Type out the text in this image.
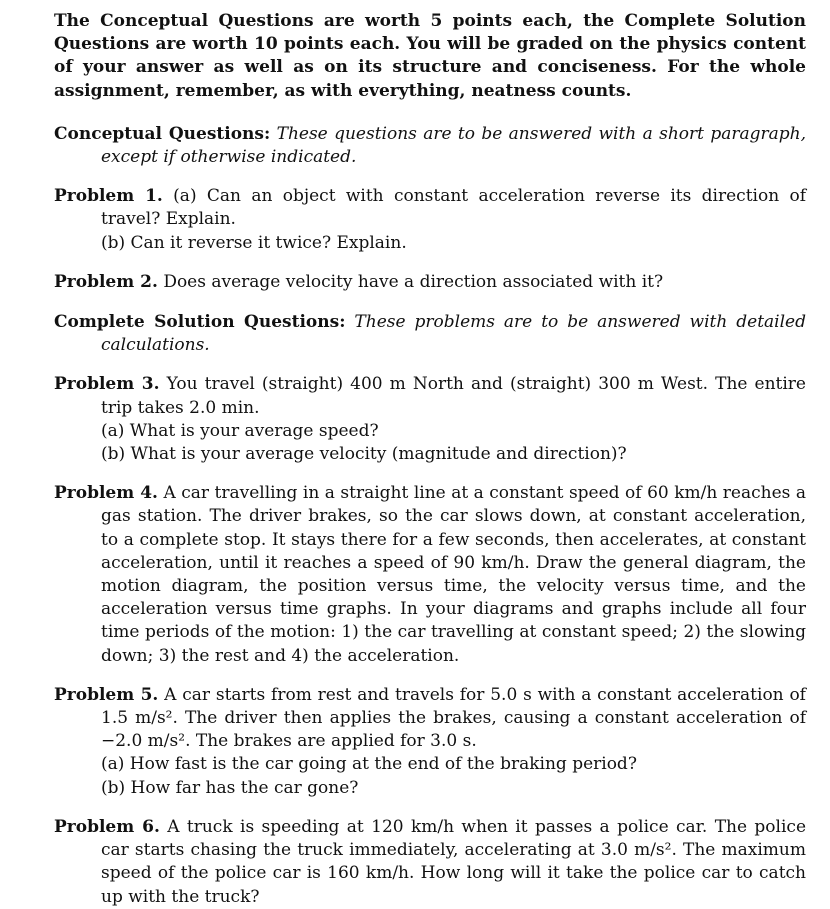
The Conceptual Questions are worth 5 points each, the Complete Solution Questions are worth 10 points each. You will be graded on the physics content of your answer as well as on its structure and conciseness. For the whole assignment, remember, as with everything, neatness counts.

Conceptual Questions: These questions are to be answered with a short paragraph, except if otherwise indicated.

Problem 1. (a) Can an object with constant acceleration reverse its direction of travel? Explain.
(b) Can it reverse it twice? Explain.

Problem 2. Does average velocity have a direction associated with it?

Complete Solution Questions: These problems are to be answered with detailed calculations.

Problem 3. You travel (straight) 400 m North and (straight) 300 m West. The entire trip takes 2.0 min.
(a) What is your average speed?
(b) What is your average velocity (magnitude and direction)?

Problem 4. A car travelling in a straight line at a constant speed of 60 km/h reaches a gas station. The driver brakes, so the car slows down, at constant acceleration, to a complete stop. It stays there for a few seconds, then accelerates, at constant acceleration, until it reaches a speed of 90 km/h. Draw the general diagram, the motion diagram, the position versus time, the velocity versus time, and the acceleration versus time graphs. In your diagrams and graphs include all four time periods of the motion: 1) the car travelling at constant speed; 2) the slowing down; 3) the rest and 4) the acceleration.

Problem 5. A car starts from rest and travels for 5.0 s with a constant acceleration of 1.5 m/s². The driver then applies the brakes, causing a constant acceleration of −2.0 m/s². The brakes are applied for 3.0 s.
(a) How fast is the car going at the end of the braking period?
(b) How far has the car gone?

Problem 6. A truck is speeding at 120 km/h when it passes a police car. The police car starts chasing the truck immediately, accelerating at 3.0 m/s². The maximum speed of the police car is 160 km/h. How long will it take the police car to catch up with the truck?
